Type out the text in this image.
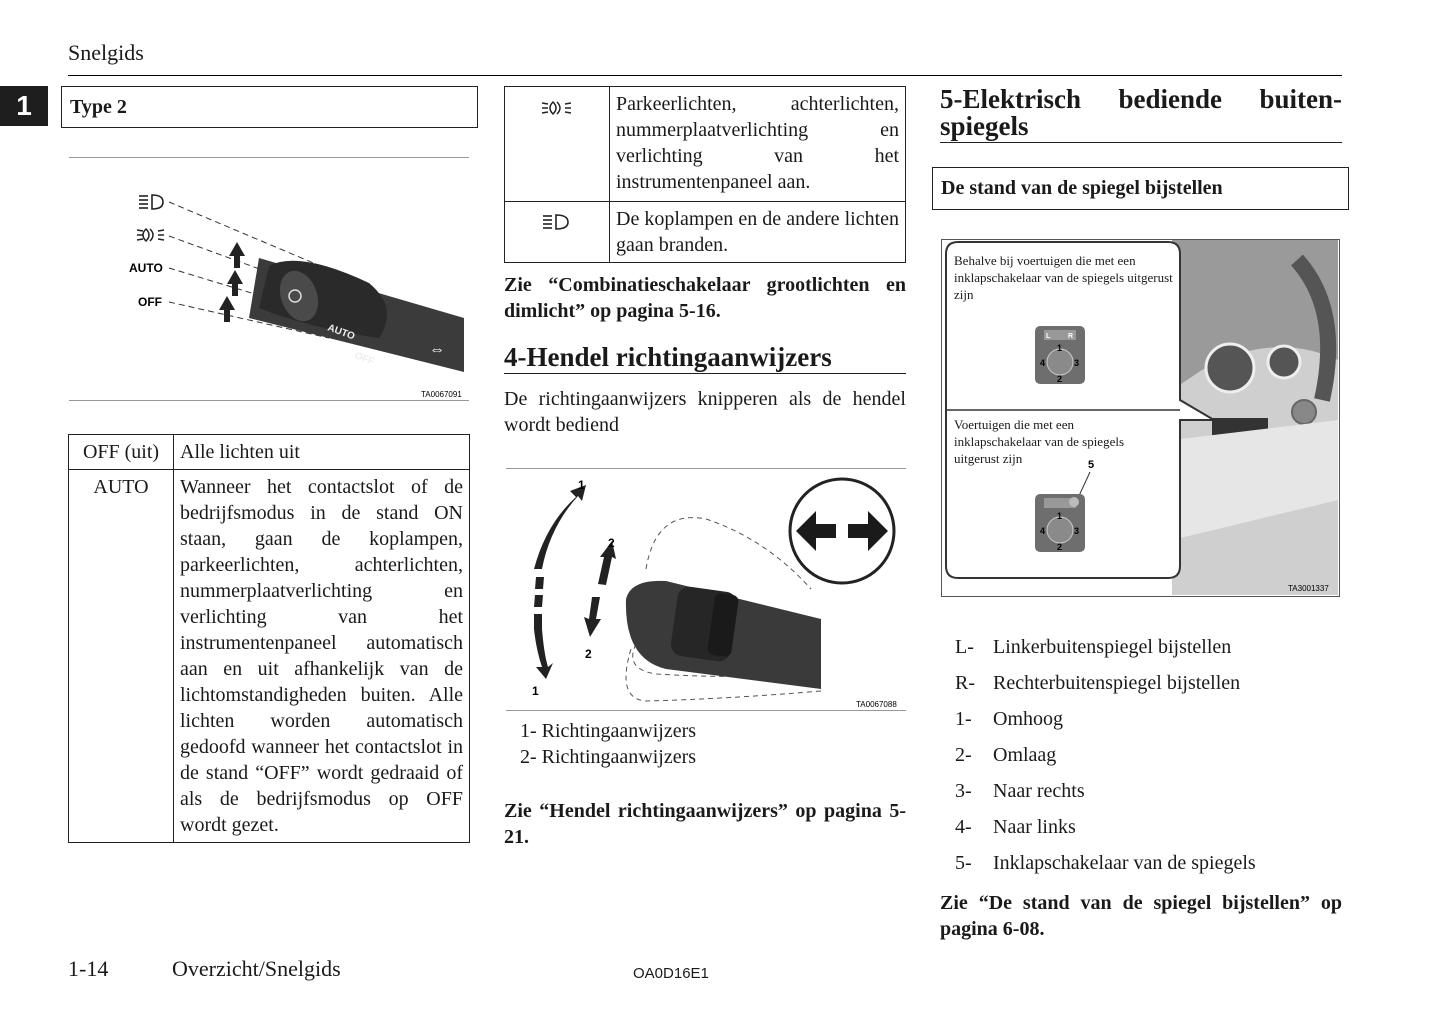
Snelgids
1	Type 2
AUTO
OFF
AUTO
OFF
⇔
TA0067091
OFF (uit)	Alle lichten uit
AUTO	Wanneer het contactslot of de bedrijfsmodus in de stand ON staan, gaan de koplampen, parkeerlichten, achterlichten, nummerplaatverlichting en verlichting van het instrumentenpaneel automatisch aan en uit afhankelijk van de lichtomstandigheden buiten. Alle lichten worden automatisch gedoofd wanneer het contactslot in de stand “OFF” wordt gedraaid of als de bedrijfsmodus op OFF wordt gezet.
	Parkeerlichten, achterlichten, nummerplaatverlichting en verlichting van het instrumentenpaneel aan.
	De koplampen en de andere lichten gaan branden.
Zie “Combinatieschakelaar grootlichten en dimlicht” op pagina 5-16.
4-Hendel richtingaanwijzers
De richtingaanwijzers knipperen als de hendel wordt bediend
1
2
2
1
TA0067088
1- Richtingaanwijzers
2- Richtingaanwijzers
Zie “Hendel richtingaanwijzers” op pagina 5-21.
5-Elektrisch bediende buiten-
spiegels
De stand van de spiegel bijstellen
Behalve bij voertuigen die met een inklapschakelaar van de spiegels uitgerust zijn
Voertuigen die met een inklapschakelaar van de spiegels uitgerust zijn	5
L	R
1
2
3
4
1
2
3
4
TA3001337
L- Linkerbuitenspiegel bijstellen
R- Rechterbuitenspiegel bijstellen
1-	Omhoog
2-	Omlaag
3-	Naar rechts
4-	Naar links
5-	Inklapschakelaar van de spiegels
Zie “De stand van de spiegel bijstellen” op pagina 6-08.
1-14	Overzicht/Snelgids	OA0D16E1
